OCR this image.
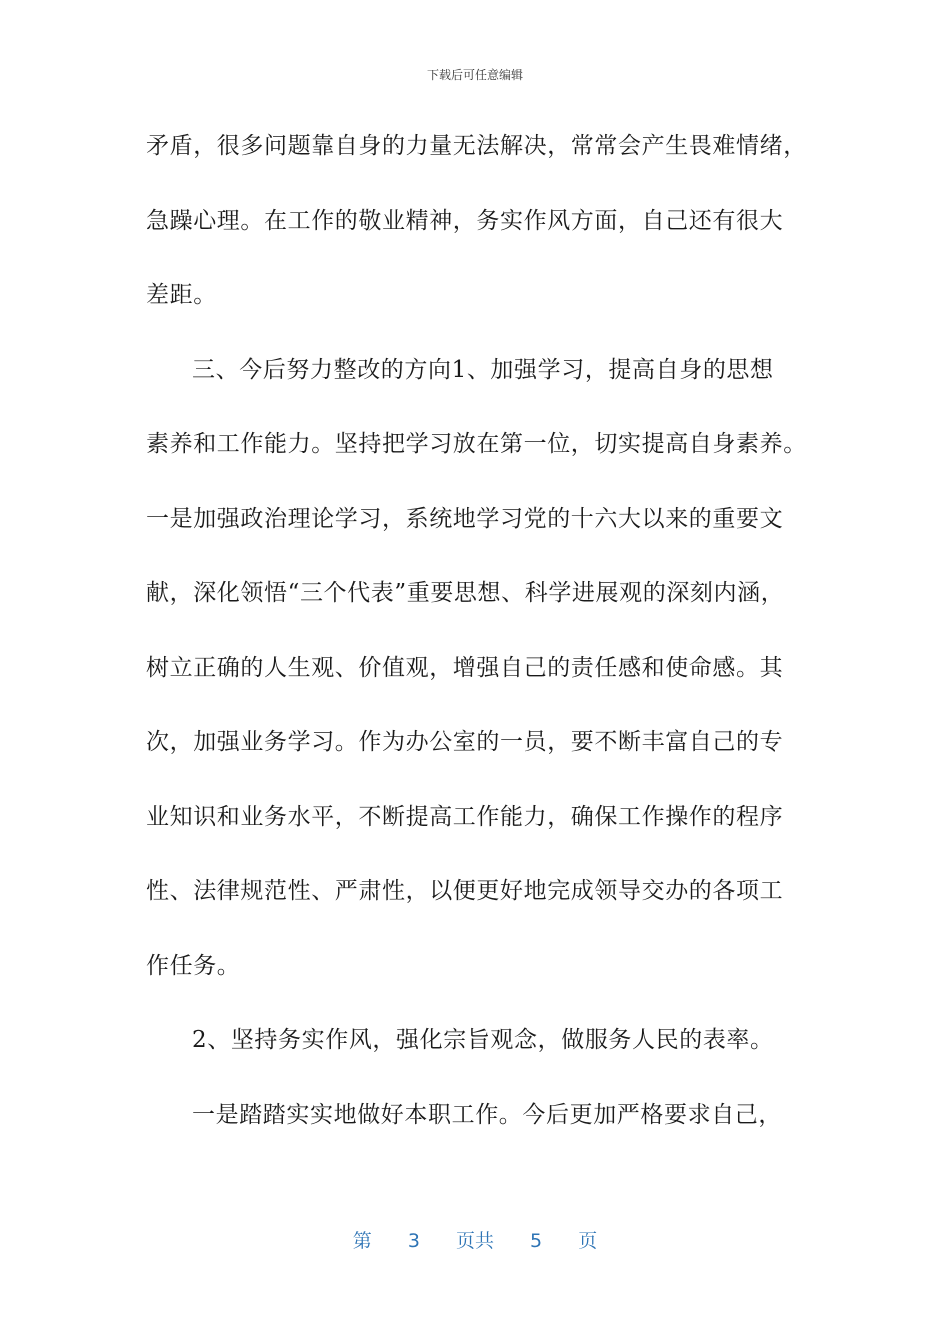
下载后可任意编辑
矛盾，很多问题靠自身的力量无法解决，常常会产生畏难情绪，
急躁心理。在工作的敬业精神，务实作风方面，自己还有很大
差距。
三、今后努力整改的方向1、加强学习，提高自身的思想
素养和工作能力。坚持把学习放在第一位，切实提高自身素养。
一是加强政治理论学习，系统地学习党的十六大以来的重要文
献，深化领悟“三个代表”重要思想、科学进展观的深刻内涵，
树立正确的人生观、价值观，增强自己的责任感和使命感。其
次，加强业务学习。作为办公室的一员，要不断丰富自己的专
业知识和业务水平，不断提高工作能力，确保工作操作的程序
性、法律规范性、严肃性，以便更好地完成领导交办的各项工
作任务。
2、坚持务实作风，强化宗旨观念，做服务人民的表率。
一是踏踏实实地做好本职工作。今后更加严格要求自己，
第 3 页共 5 页
